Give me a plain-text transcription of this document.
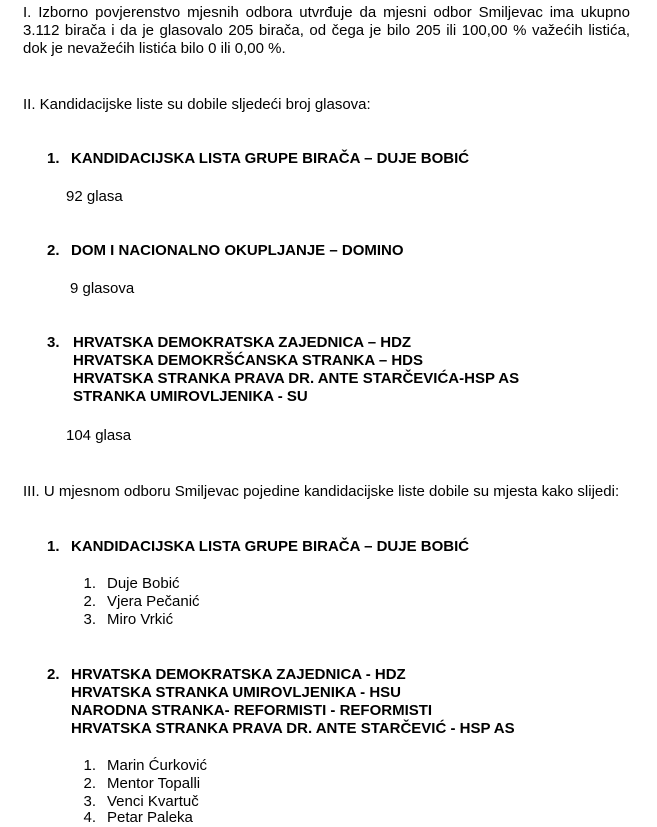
I. Izborno povjerenstvo mjesnih odbora utvrđuje da mjesni odbor Smiljevac ima ukupno 3.112 birača i da je glasovalo 205 birača, od čega je bilo 205 ili 100,00 % važećih listića, dok je nevažećih listića bilo 0 ili 0,00 %.
II. Kandidacijske liste su dobile sljedeći broj glasova:
1. KANDIDACIJSKA LISTA GRUPE BIRAČA – DUJE BOBIĆ
92 glasa
2. DOM I NACIONALNO OKUPLJANJE – DOMINO
9 glasova
3. HRVATSKA DEMOKRATSKA ZAJEDNICA – HDZ
HRVATSKA DEMOKRŠĆANSKA STRANKA – HDS
HRVATSKA STRANKA PRAVA DR. ANTE STARČEVIĆA-HSP AS
STRANKA UMIROVLJENIKA - SU
104 glasa
III. U mjesnom odboru Smiljevac pojedine kandidacijske liste dobile su mjesta kako slijedi:
1. KANDIDACIJSKA LISTA GRUPE BIRAČA – DUJE BOBIĆ
1. Duje Bobić
2. Vjera Pečanić
3. Miro Vrkić
2. HRVATSKA DEMOKRATSKA ZAJEDNICA - HDZ
HRVATSKA STRANKA UMIROVLJENIKA - HSU
NARODNA STRANKA- REFORMISTI - REFORMISTI
HRVATSKA STRANKA PRAVA DR. ANTE STARČEVIĆ - HSP AS
1. Marin Ćurković
2. Mentor Topalli
3. Venci Kvartuč
4. Petar Paleka
